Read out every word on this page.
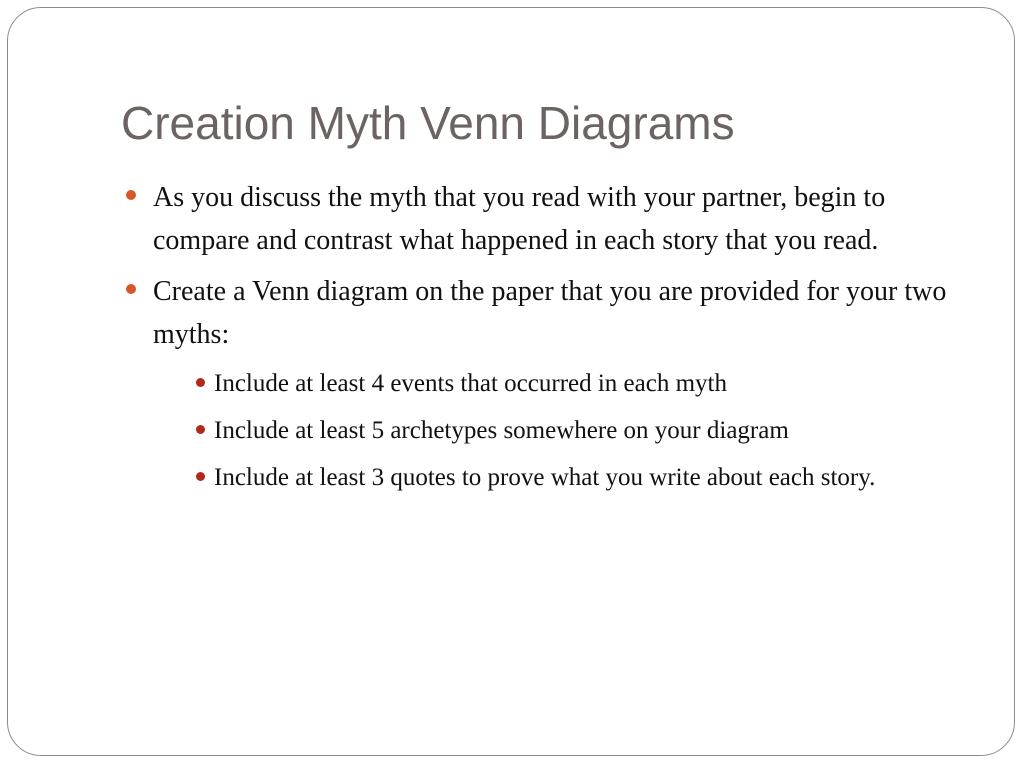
Creation Myth Venn Diagrams
As you discuss the myth that you read with your partner, begin to compare and contrast what happened in each story that you read.
Create a Venn diagram on the paper that you are provided for your two myths:
Include at least 4 events that occurred in each myth
Include at least 5 archetypes somewhere on your diagram
Include at least 3 quotes to prove what you write about each story.
